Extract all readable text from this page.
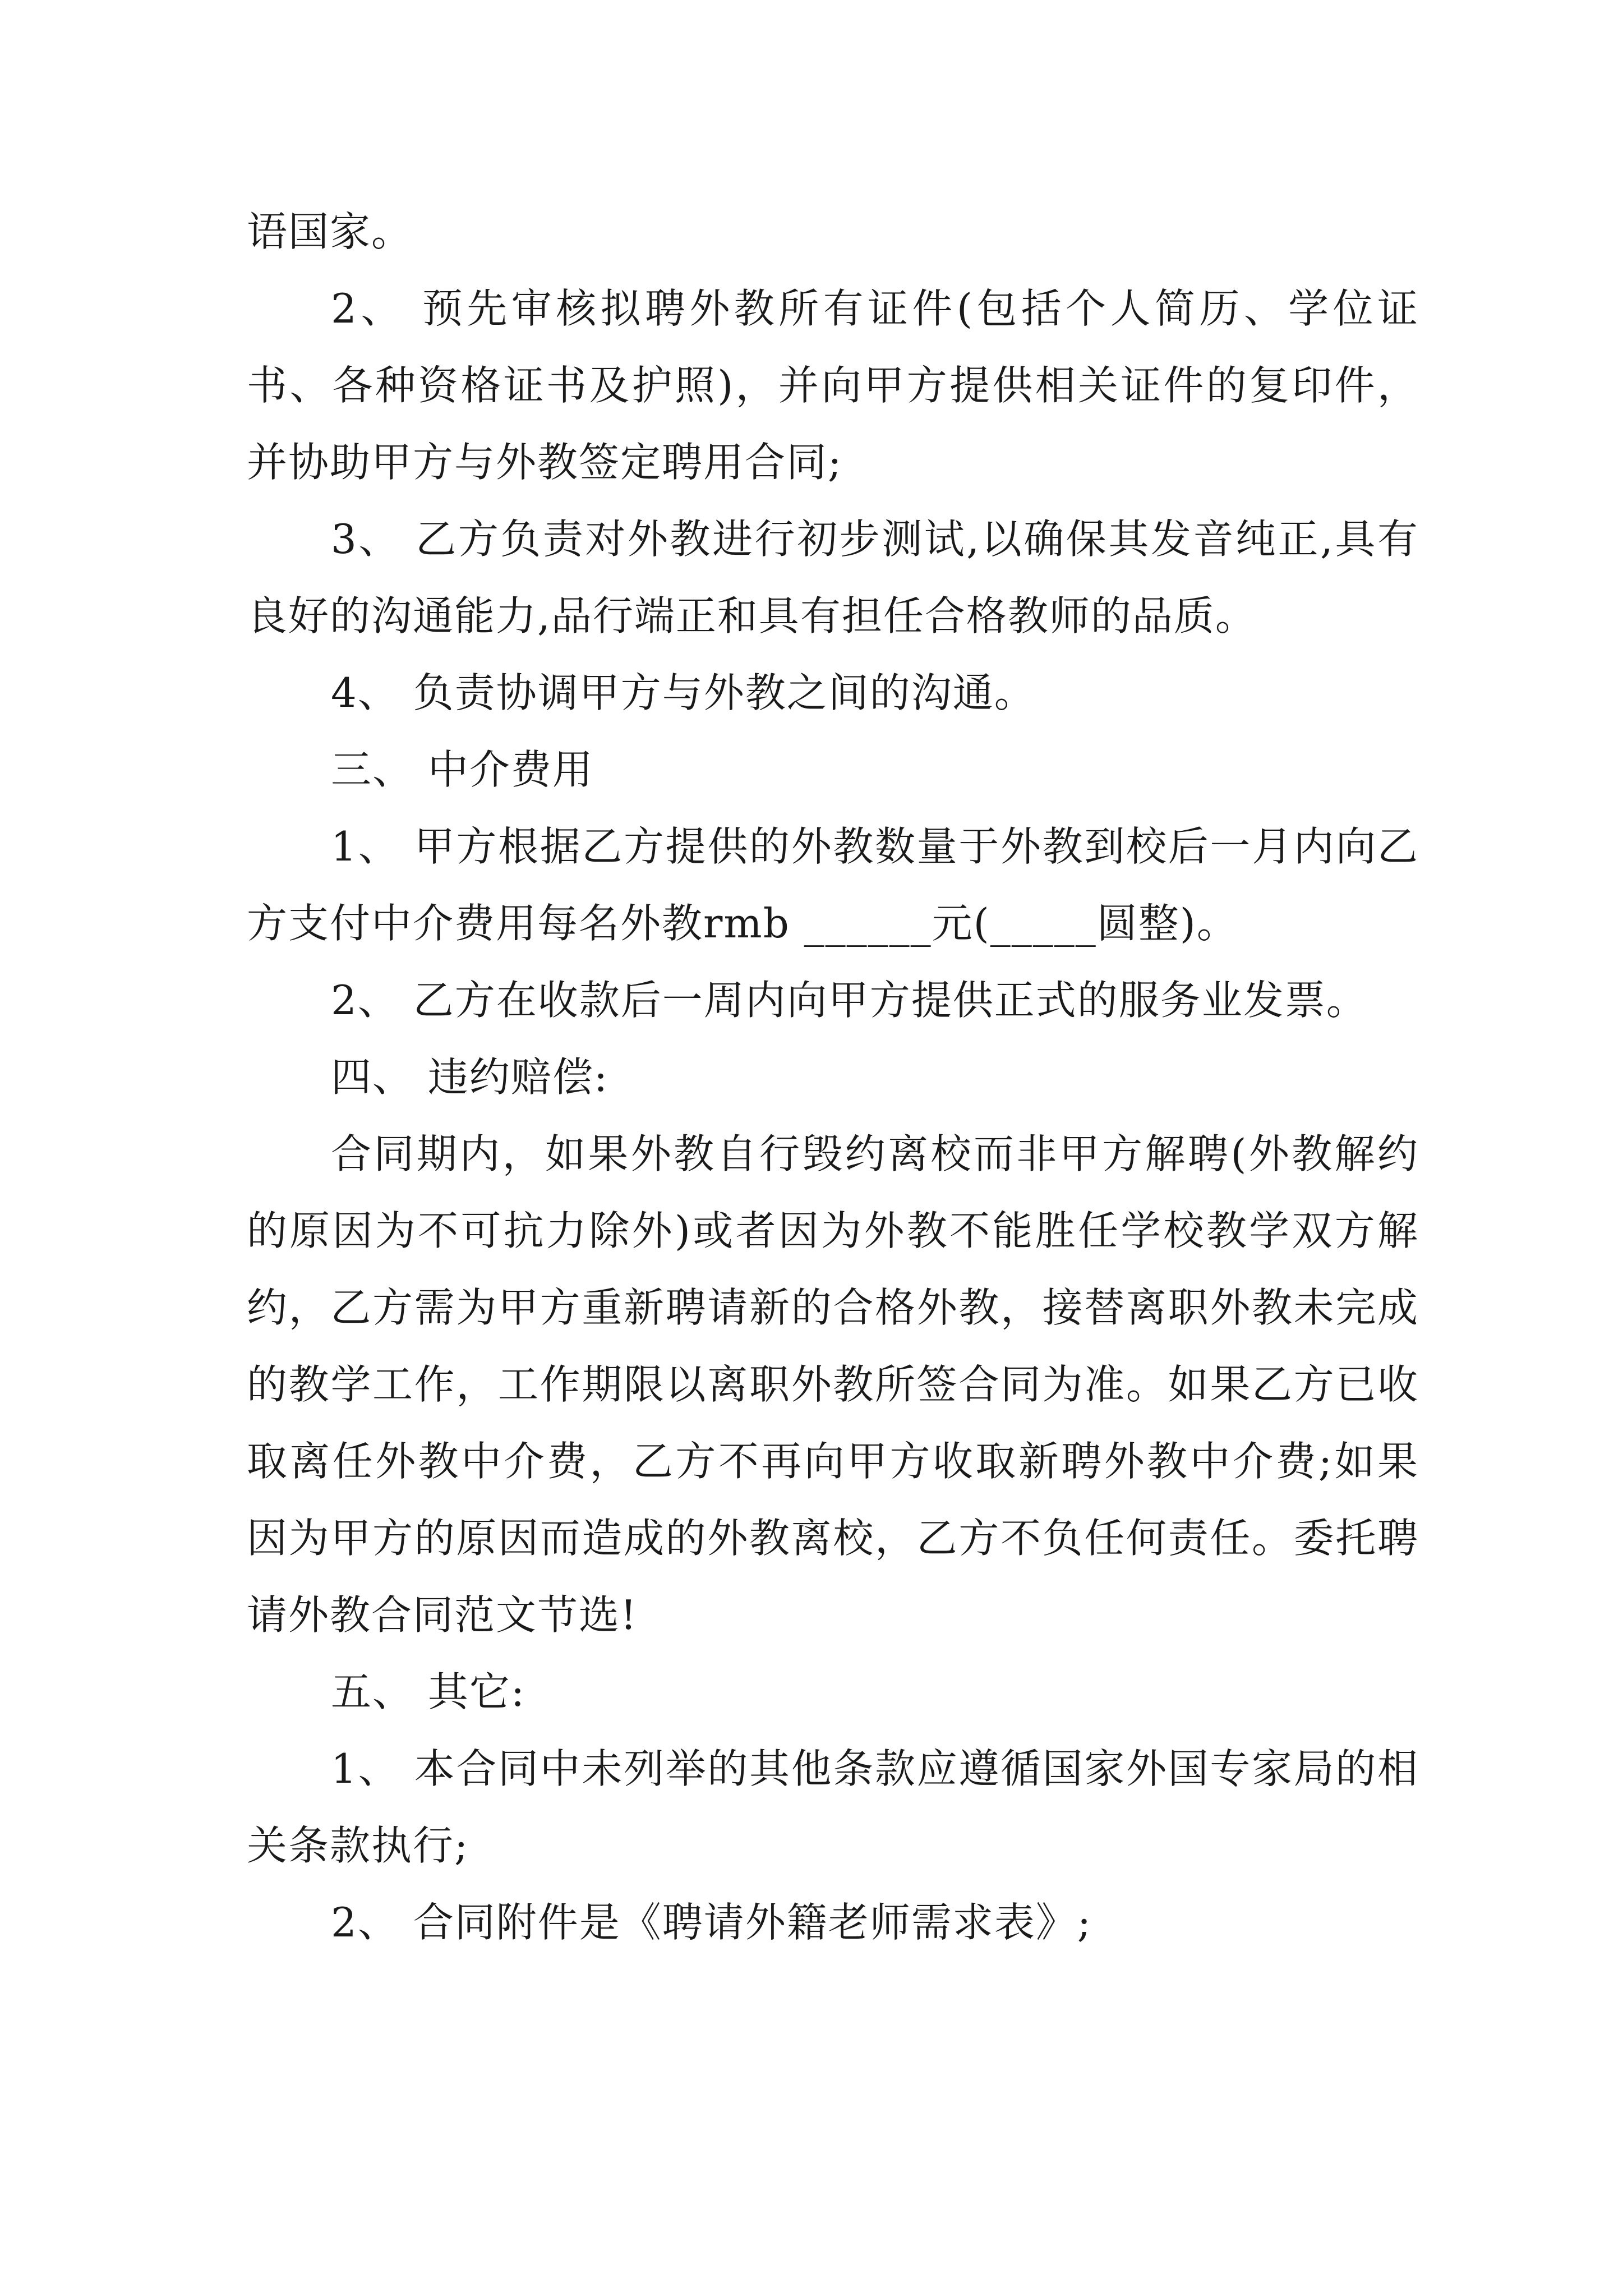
语国家。

2、 预先审核拟聘外教所有证件(包括个人简历、学位证书、各种资格证书及护照)，并向甲方提供相关证件的复印件，并协助甲方与外教签定聘用合同;

3、 乙方负责对外教进行初步测试,以确保其发音纯正,具有良好的沟通能力,品行端正和具有担任合格教师的品质。

4、 负责协调甲方与外教之间的沟通。

三、 中介费用

1、 甲方根据乙方提供的外教数量于外教到校后一月内向乙方支付中介费用每名外教rmb ______元(_____圆整)。

2、 乙方在收款后一周内向甲方提供正式的服务业发票。

四、 违约赔偿:

合同期内，如果外教自行毁约离校而非甲方解聘(外教解约的原因为不可抗力除外)或者因为外教不能胜任学校教学双方解约，乙方需为甲方重新聘请新的合格外教，接替离职外教未完成的教学工作，工作期限以离职外教所签合同为准。如果乙方已收取离任外教中介费，乙方不再向甲方收取新聘外教中介费;如果因为甲方的原因而造成的外教离校，乙方不负任何责任。委托聘请外教合同范文节选!

五、 其它:

1、 本合同中未列举的其他条款应遵循国家外国专家局的相关条款执行;

2、 合同附件是《聘请外籍老师需求表》;
